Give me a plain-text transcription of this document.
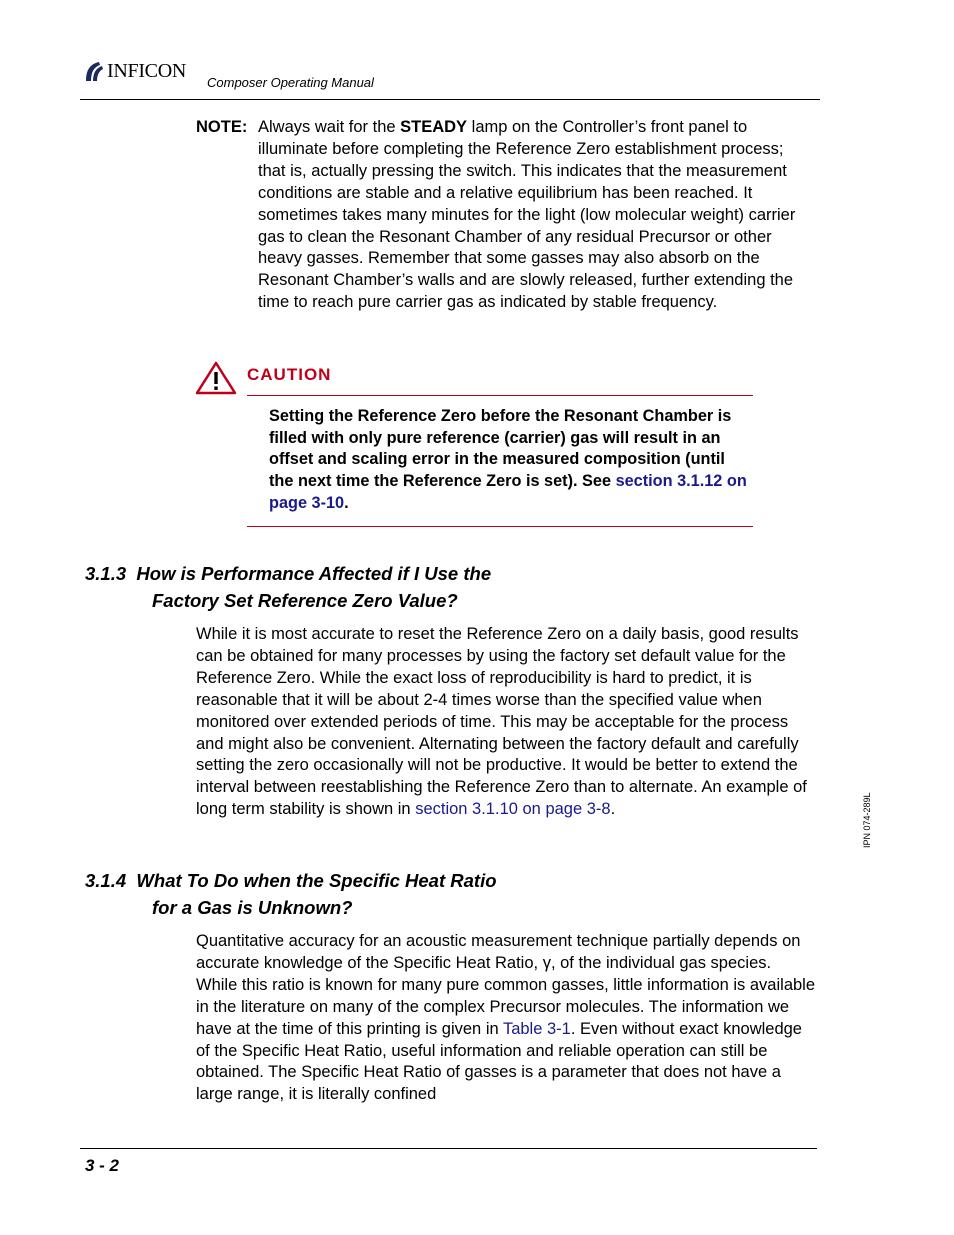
INFICON
Composer Operating Manual
NOTE: Always wait for the STEADY lamp on the Controller’s front panel to illuminate before completing the Reference Zero establishment process; that is, actually pressing the switch. This indicates that the measurement conditions are stable and a relative equilibrium has been reached. It sometimes takes many minutes for the light (low molecular weight) carrier gas to clean the Resonant Chamber of any residual Precursor or other heavy gasses. Remember that some gasses may also absorb on the Resonant Chamber’s walls and are slowly released, further extending the time to reach pure carrier gas as indicated by stable frequency.
CAUTION
Setting the Reference Zero before the Resonant Chamber is filled with only pure reference (carrier) gas will result in an offset and scaling error in the measured composition (until the next time the Reference Zero is set). See section 3.1.12 on page 3-10.
3.1.3  How is Performance Affected if I Use the
Factory Set Reference Zero Value?
While it is most accurate to reset the Reference Zero on a daily basis, good results can be obtained for many processes by using the factory set default value for the Reference Zero. While the exact loss of reproducibility is hard to predict, it is reasonable that it will be about 2-4 times worse than the specified value when monitored over extended periods of time. This may be acceptable for the process and might also be convenient. Alternating between the factory default and carefully setting the zero occasionally will not be productive. It would be better to extend the interval between reestablishing the Reference Zero than to alternate. An example of long term stability is shown in section 3.1.10 on page 3-8.
3.1.4  What To Do when the Specific Heat Ratio
for a Gas is Unknown?
Quantitative accuracy for an acoustic measurement technique partially depends on accurate knowledge of the Specific Heat Ratio, γ, of the individual gas species. While this ratio is known for many pure common gasses, little information is available in the literature on many of the complex Precursor molecules. The information we have at the time of this printing is given in Table 3-1. Even without exact knowledge of the Specific Heat Ratio, useful information and reliable operation can still be obtained. The Specific Heat Ratio of gasses is a parameter that does not have a large range, it is literally confined
IPN 074-289L
3 - 2
